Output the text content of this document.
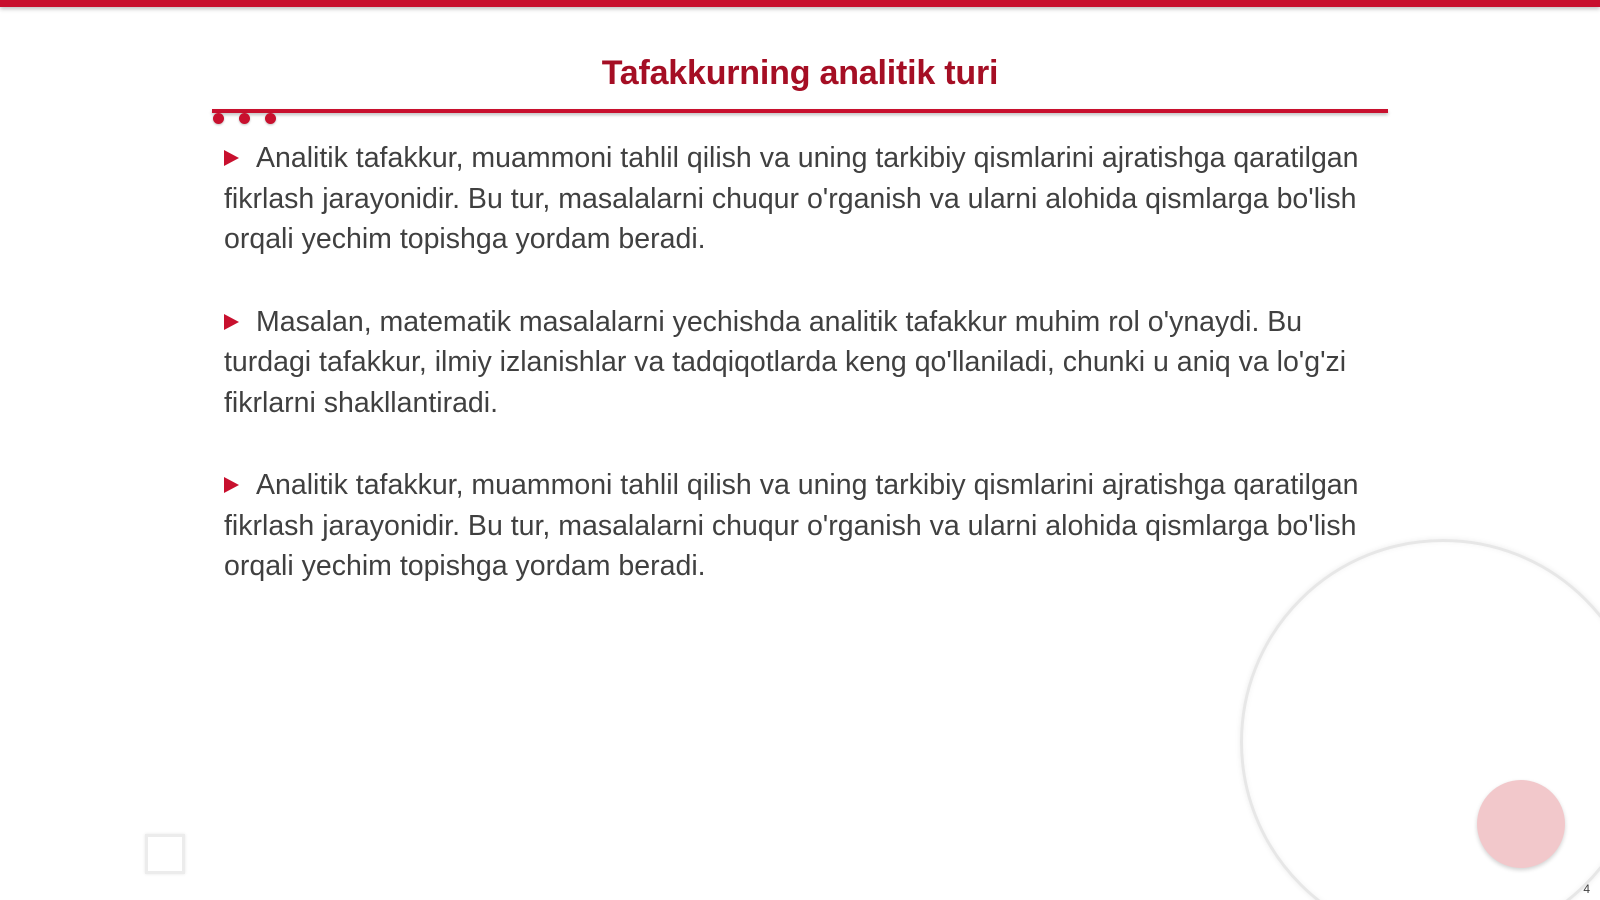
Tafakkurning analitik turi

Analitik tafakkur, muammoni tahlil qilish va uning tarkibiy qismlarini ajratishga qaratilgan fikrlash jarayonidir. Bu tur, masalalarni chuqur o'rganish va ularni alohida qismlarga bo'lish orqali yechim topishga yordam beradi.

Masalan, matematik masalalarni yechishda analitik tafakkur muhim rol o'ynaydi. Bu turdagi tafakkur, ilmiy izlanishlar va tadqiqotlarda keng qo'llaniladi, chunki u aniq va lo'g'zi fikrlarni shakllantiradi.

Analitik tafakkur, muammoni tahlil qilish va uning tarkibiy qismlarini ajratishga qaratilgan fikrlash jarayonidir. Bu tur, masalalarni chuqur o'rganish va ularni alohida qismlarga bo'lish orqali yechim topishga yordam beradi.

4
